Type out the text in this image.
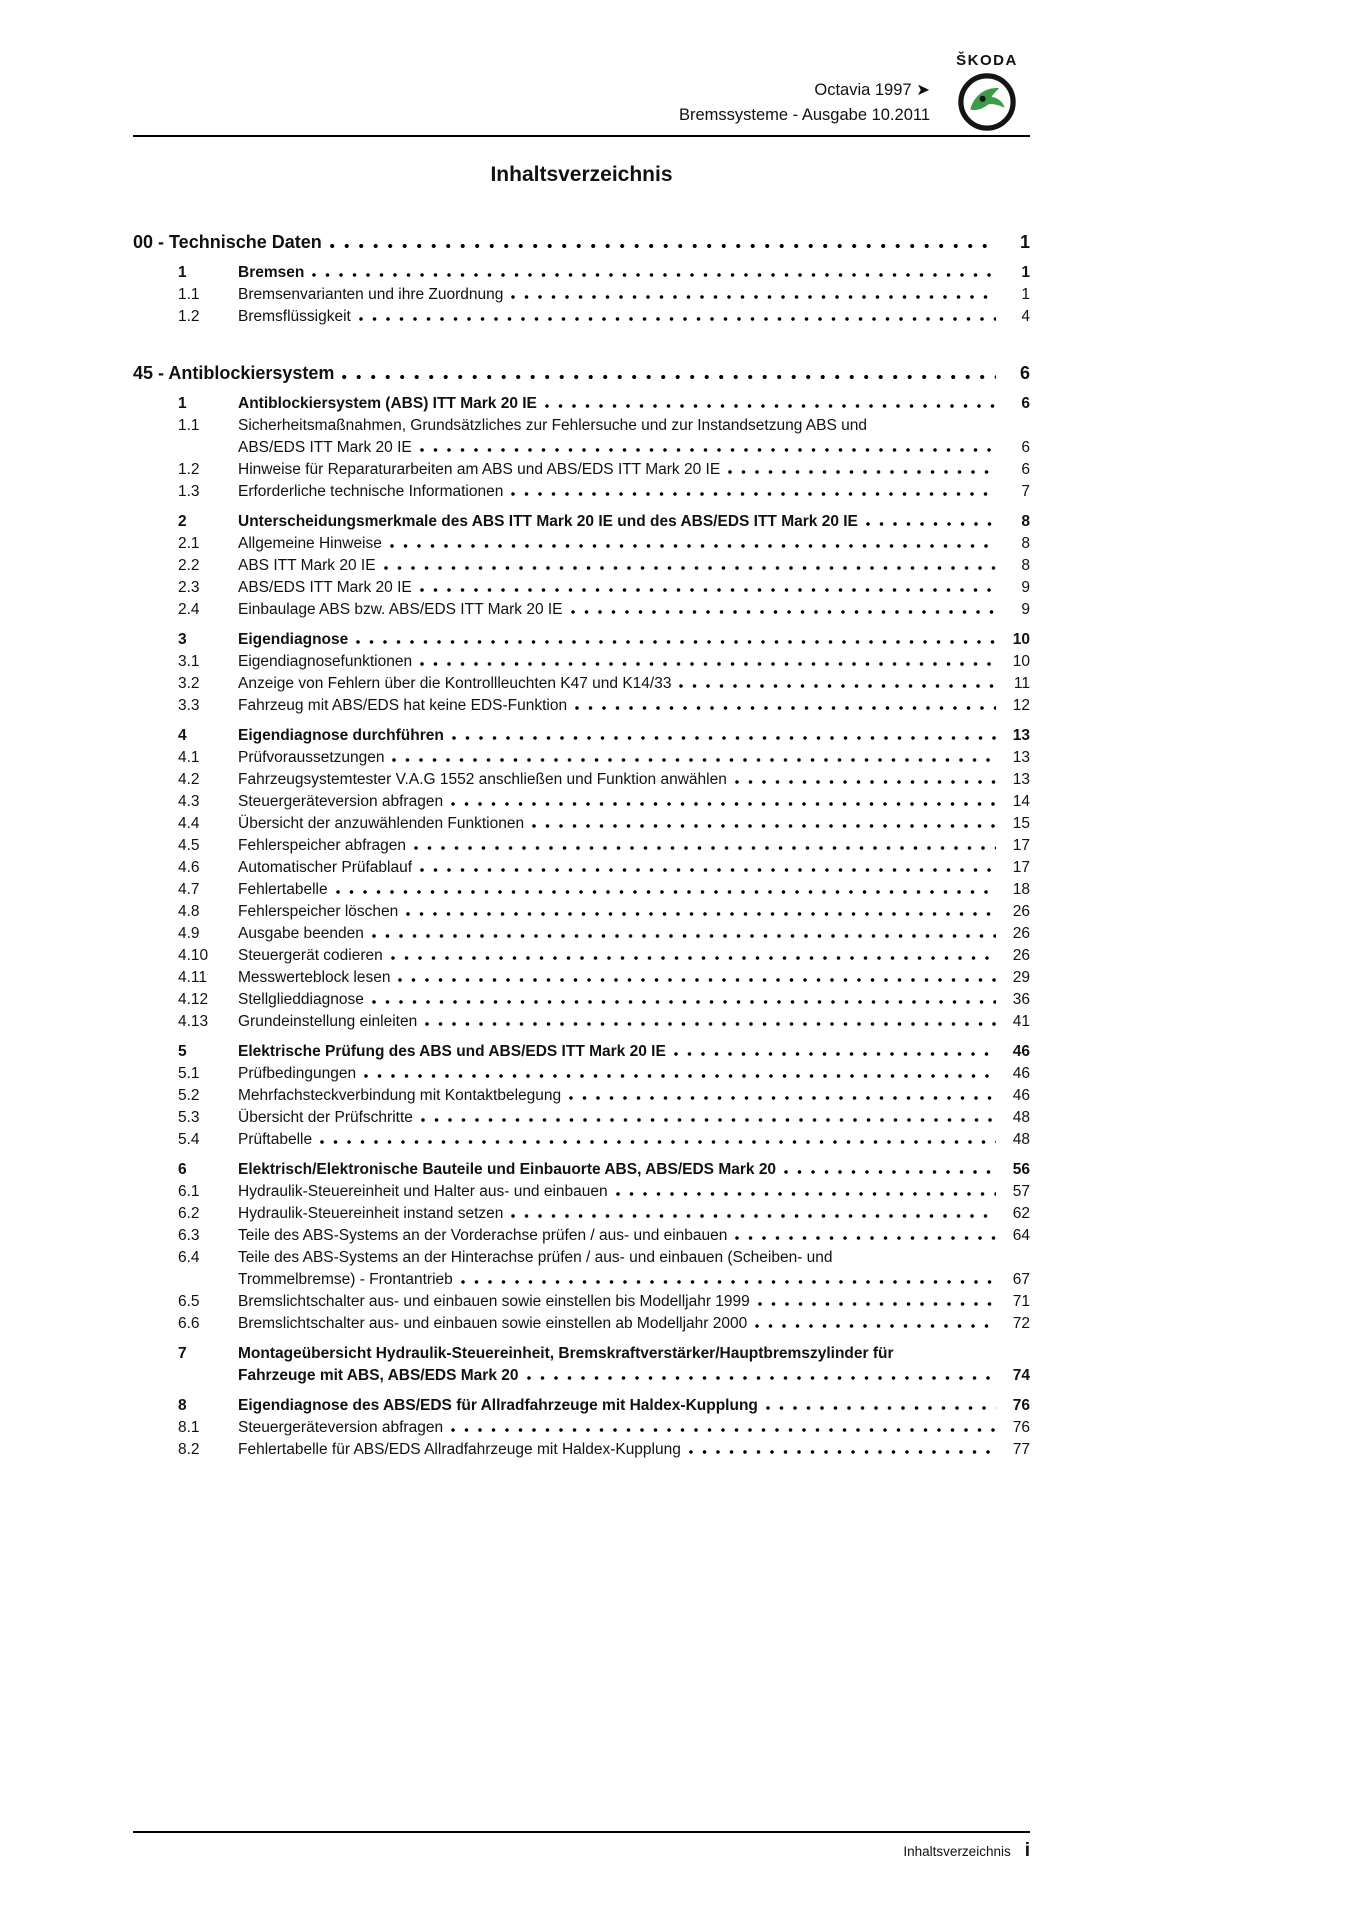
Octavia 1997 ➤
Bremssysteme - Ausgabe 10.2011
ŠKODA
Inhaltsverzeichnis
00 - Technische Daten	1
1	Bremsen	1
1.1	Bremsenvarianten und ihre Zuordnung	1
1.2	Bremsflüssigkeit	4
45 - Antiblockiersystem	6
1	Antiblockiersystem (ABS) ITT Mark 20 IE	6
1.1	Sicherheitsmaßnahmen, Grundsätzliches zur Fehlersuche und zur Instandsetzung ABS und
ABS/EDS ITT Mark 20 IE	6
1.2	Hinweise für Reparaturarbeiten am ABS und ABS/EDS ITT Mark 20 IE	6
1.3	Erforderliche technische Informationen	7
2	Unterscheidungsmerkmale des ABS ITT Mark 20 IE und des ABS/EDS ITT Mark 20 IE	8
2.1	Allgemeine Hinweise	8
2.2	ABS ITT Mark 20 IE	8
2.3	ABS/EDS ITT Mark 20 IE	9
2.4	Einbaulage ABS bzw. ABS/EDS ITT Mark 20 IE	9
3	Eigendiagnose	10
3.1	Eigendiagnosefunktionen	10
3.2	Anzeige von Fehlern über die Kontrollleuchten K47 und K14/33	11
3.3	Fahrzeug mit ABS/EDS hat keine EDS-Funktion	12
4	Eigendiagnose durchführen	13
4.1	Prüfvoraussetzungen	13
4.2	Fahrzeugsystemtester V.A.G 1552 anschließen und Funktion anwählen	13
4.3	Steuergeräteversion abfragen	14
4.4	Übersicht der anzuwählenden Funktionen	15
4.5	Fehlerspeicher abfragen	17
4.6	Automatischer Prüfablauf	17
4.7	Fehlertabelle	18
4.8	Fehlerspeicher löschen	26
4.9	Ausgabe beenden	26
4.10	Steuergerät codieren	26
4.11	Messwerteblock lesen	29
4.12	Stellglieddiagnose	36
4.13	Grundeinstellung einleiten	41
5	Elektrische Prüfung des ABS und ABS/EDS ITT Mark 20 IE	46
5.1	Prüfbedingungen	46
5.2	Mehrfachsteckverbindung mit Kontaktbelegung	46
5.3	Übersicht der Prüfschritte	48
5.4	Prüftabelle	48
6	Elektrisch/Elektronische Bauteile und Einbauorte ABS, ABS/EDS Mark 20	56
6.1	Hydraulik-Steuereinheit und Halter aus- und einbauen	57
6.2	Hydraulik-Steuereinheit instand setzen	62
6.3	Teile des ABS-Systems an der Vorderachse prüfen / aus- und einbauen	64
6.4	Teile des ABS-Systems an der Hinterachse prüfen / aus- und einbauen (Scheiben- und
Trommelbremse) - Frontantrieb	67
6.5	Bremslichtschalter aus- und einbauen sowie einstellen bis Modelljahr 1999	71
6.6	Bremslichtschalter aus- und einbauen sowie einstellen ab Modelljahr 2000	72
7	Montageübersicht Hydraulik-Steuereinheit, Bremskraftverstärker/Hauptbremszylinder für
Fahrzeuge mit ABS, ABS/EDS Mark 20	74
8	Eigendiagnose des ABS/EDS für Allradfahrzeuge mit Haldex-Kupplung	76
8.1	Steuergeräteversion abfragen	76
8.2	Fehlertabelle für ABS/EDS Allradfahrzeuge mit Haldex-Kupplung	77
Inhaltsverzeichnis i
